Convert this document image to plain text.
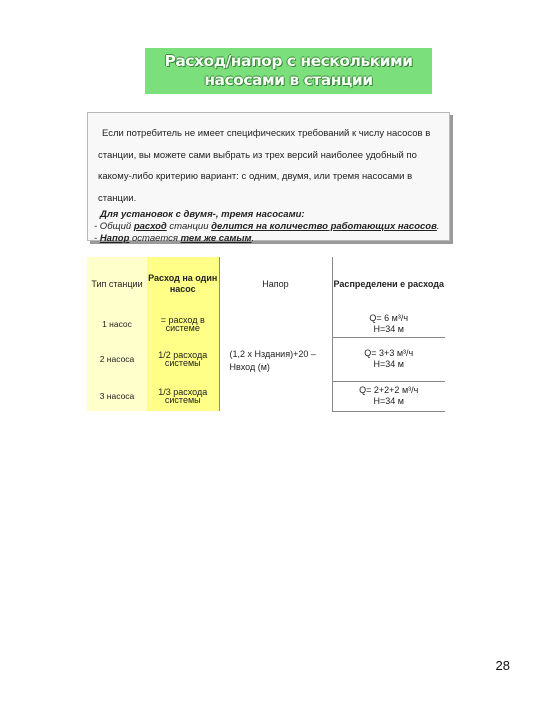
Расход/напор с несколькими
насосами в станции

Если потребитель не имеет специфических требований к числу насосов в станции, вы можете сами выбрать из трех версий наиболее удобный по какому-либо критерию вариант: с одним, двумя, или тремя насосами в станции.

Для установок с двумя-, тремя насосами:
- Общий расход станции делится на количество работающих насосов.
- Напор остается тем же самым.
Тип станции	Расход на один насос	Напор	Распределени е расхода
1 насос	= расход в системе	(1,2 х Нздания)+20 –
Нвход (м)	Q= 6 м³/ч
Н=34 м
2 насоса	1/2 расхода системы		Q= 3+3 м³/ч
Н=34 м
3 насоса	1/3 расхода системы		Q= 2+2+2 м³/ч
Н=34 м
28
